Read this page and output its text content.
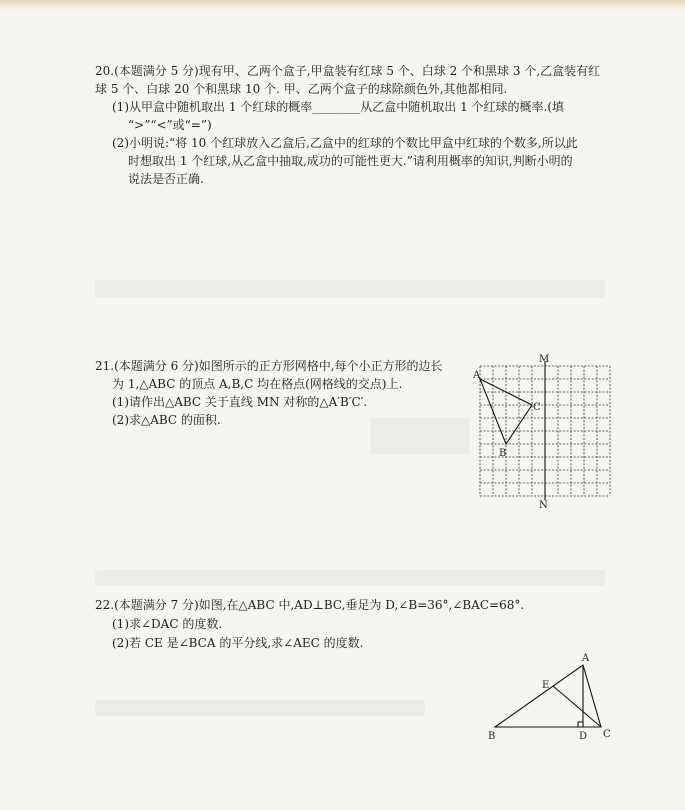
20.(本题满分 5 分)现有甲、乙两个盒子,甲盒装有红球 5 个、白球 2 个和黑球 3 个,乙盒装有红
球 5 个、白球 20 个和黑球 10 个. 甲、乙两个盒子的球除颜色外,其他都相同.
(1)从甲盒中随机取出 1 个红球的概率________从乙盒中随机取出 1 个红球的概率.(填
“>”“<”或“=”)
(2)小明说:“将 10 个红球放入乙盒后,乙盒中的红球的个数比甲盒中红球的个数多,所以此
时想取出 1 个红球,从乙盒中抽取,成功的可能性更大.”请利用概率的知识,判断小明的
说法是否正确.
21.(本题满分 6 分)如图所示的正方形网格中,每个小正方形的边长
为 1,△ABC 的顶点 A,B,C 均在格点(网格线的交点)上.
(1)请作出△ABC 关于直线 MN 对称的△A′B′C′.
(2)求△ABC 的面积.
M
N
A
B
C
22.(本题满分 7 分)如图,在△ABC 中,AD⊥BC,垂足为 D,∠B=36°,∠BAC=68°.
(1)求∠DAC 的度数.
(2)若 CE 是∠BCA 的平分线,求∠AEC 的度数.
A
E
B	D C
